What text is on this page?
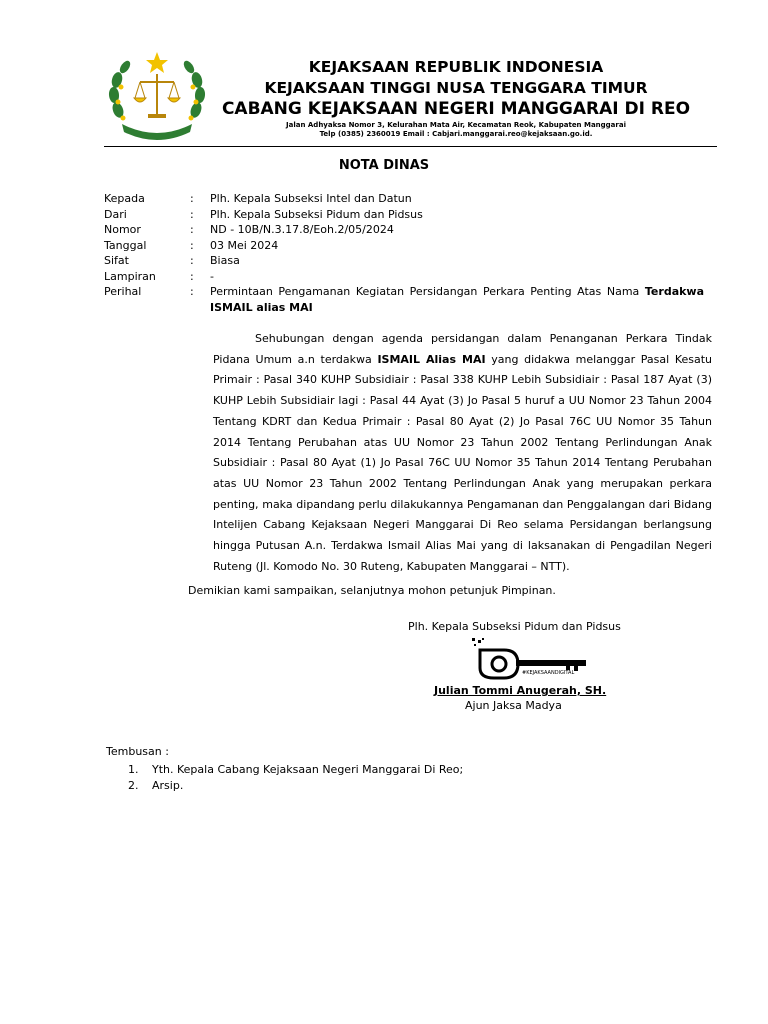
KEJAKSAAN REPUBLIK INDONESIA
KEJAKSAAN TINGGI NUSA TENGGARA TIMUR
CABANG KEJAKSAAN NEGERI MANGGARAI DI REO
Jalan Adhyaksa Nomor 3, Kelurahan Mata Air, Kecamatan Reok, Kabupaten Manggarai
Telp (0385) 2360019 Email : Cabjari.manggarai.reo@kejaksaan.go.id.
NOTA DINAS
Kepada	:	Plh. Kepala Subseksi Intel dan Datun
Dari	:	Plh. Kepala Subseksi Pidum dan Pidsus
Nomor	:	ND - 10B/N.3.17.8/Eoh.2/05/2024
Tanggal	:	03 Mei 2024
Sifat	:	Biasa
Lampiran	:	-
Perihal	:	Permintaan Pengamanan Kegiatan Persidangan Perkara Penting Atas Nama Terdakwa ISMAIL alias MAI
Sehubungan dengan agenda persidangan dalam Penanganan Perkara Tindak Pidana Umum a.n terdakwa ISMAIL Alias MAI yang didakwa melanggar Pasal Kesatu Primair : Pasal 340 KUHP Subsidiair : Pasal 338 KUHP Lebih Subsidiair : Pasal 187 Ayat (3) KUHP Lebih Subsidiair lagi : Pasal 44 Ayat (3) Jo Pasal 5 huruf a UU Nomor 23 Tahun 2004 Tentang KDRT dan Kedua Primair : Pasal 80 Ayat (2) Jo Pasal 76C UU Nomor 35 Tahun 2014 Tentang Perubahan atas UU Nomor 23 Tahun 2002 Tentang Perlindungan Anak Subsidiair : Pasal 80 Ayat (1) Jo Pasal 76C UU Nomor 35 Tahun 2014 Tentang Perubahan atas UU Nomor 23 Tahun 2002 Tentang Perlindungan Anak yang merupakan perkara penting, maka dipandang perlu dilakukannya Pengamanan dan Penggalangan dari Bidang Intelijen Cabang Kejaksaan Negeri Manggarai Di Reo selama Persidangan berlangsung hingga Putusan A.n. Terdakwa Ismail Alias Mai yang di laksanakan di Pengadilan Negeri Ruteng (Jl. Komodo No. 30 Ruteng, Kabupaten Manggarai – NTT).
Demikian kami sampaikan, selanjutnya mohon petunjuk Pimpinan.
Plh. Kepala Subseksi Pidum dan Pidsus
#KEJAKSAANDIGITAL
Julian Tommi Anugerah, SH.
Ajun Jaksa Madya
Tembusan :
1.	Yth. Kepala Cabang Kejaksaan Negeri Manggarai Di Reo;
2.	Arsip.
